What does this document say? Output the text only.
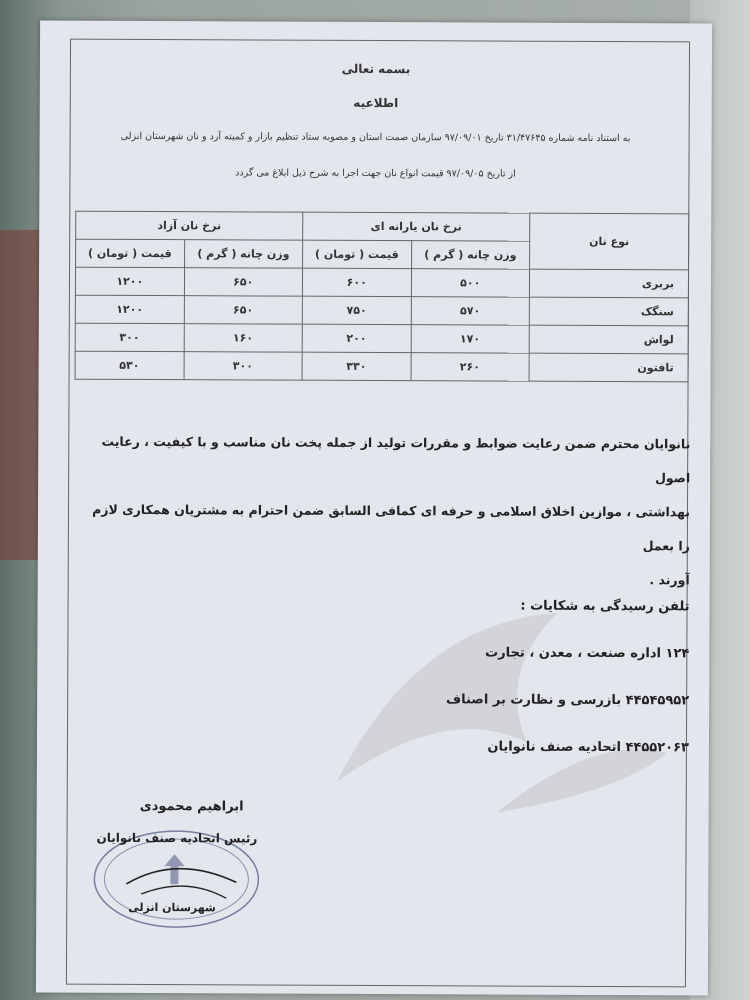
بسمه تعالی
اطلاعیه
به استناد نامه شماره ۳۱/۴۷۶۴۵ تاریخ ۹۷/۰۹/۰۱ سازمان صمت استان و مصوبه ستاد تنظیم بازار و کمیته آرد و نان شهرستان انزلی
از تاریخ ۹۷/۰۹/۰۵ قیمت انواع نان جهت اجرا به شرح ذیل ابلاغ می گردد
نوع نان	نرخ نان یارانه ای		نرخ نان آزاد	
	وزن چانه ( گرم )	قیمت ( تومان )	وزن چانه ( گرم )	قیمت ( تومان )
بربری	۵۰۰	۶۰۰	۶۵۰	۱۲۰۰
سنگک	۵۷۰	۷۵۰	۶۵۰	۱۲۰۰
لواش	۱۷۰	۲۰۰	۱۶۰	۳۰۰
تافتون	۲۶۰	۳۳۰	۳۰۰	۵۳۰
نانوایان محترم ضمن رعایت ضوابط و مقررات تولید از جمله پخت نان مناسب و با کیفیت ، رعایت اصول
بهداشتی ، موازین اخلاق اسلامی و حرفه ای کمافی السابق ضمن احترام به مشتریان همکاری لازم را بعمل
آورند .
تلفن رسیدگی به شکایات :
۱۲۴ اداره صنعت ، معدن ، تجارت
۴۴۵۴۵۹۵۲ بازرسی و نظارت بر اصناف
۴۴۵۵۲۰۶۳ اتحادیه صنف نانوایان
ابراهیم محمودی
رئیس اتحادیه صنف نانوایان
شهرستان انزلی
